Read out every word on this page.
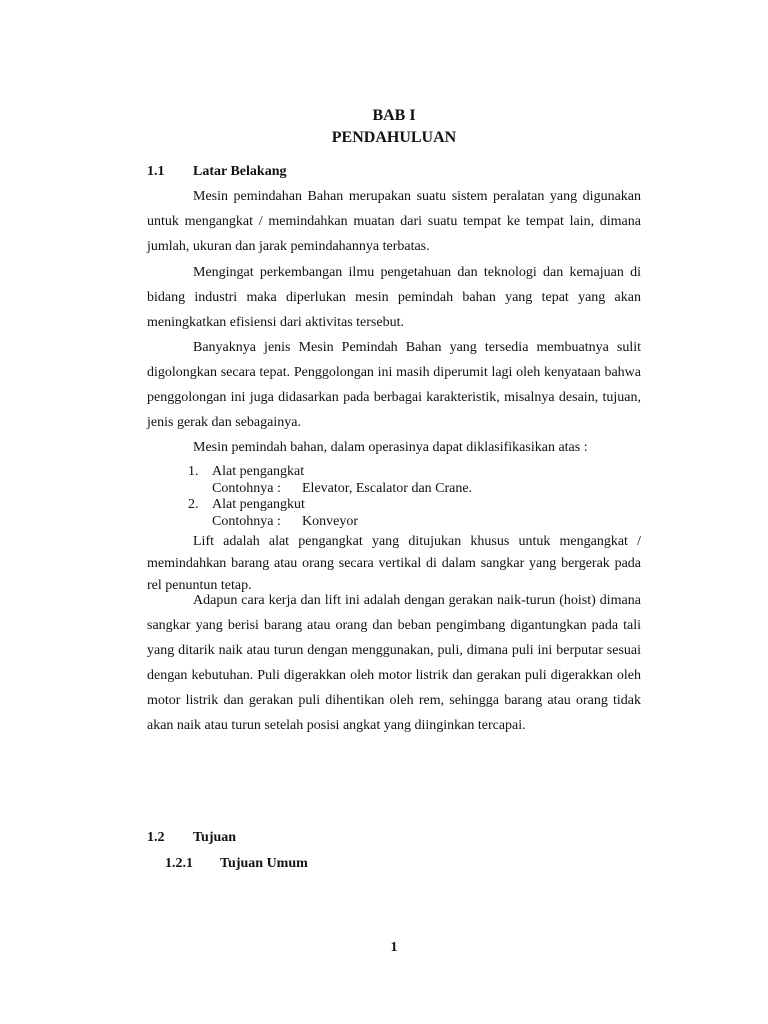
BAB I
PENDAHULUAN
1.1 Latar Belakang

Mesin pemindahan Bahan merupakan suatu sistem peralatan yang digunakan untuk mengangkat / memindahkan muatan dari suatu tempat ke tempat lain, dimana jumlah, ukuran dan jarak pemindahannya terbatas.

Mengingat perkembangan ilmu pengetahuan dan teknologi dan kemajuan di bidang industri maka diperlukan mesin pemindah bahan yang tepat yang akan meningkatkan efisiensi dari aktivitas tersebut.

Banyaknya jenis Mesin Pemindah Bahan yang tersedia membuatnya sulit digolongkan secara tepat. Penggolongan ini masih diperumit lagi oleh kenyataan bahwa penggolongan ini juga didasarkan pada berbagai karakteristik, misalnya desain, tujuan, jenis gerak dan sebagainya.

Mesin pemindah bahan, dalam operasinya dapat diklasifikasikan atas :

1. Alat pengangkat
Contohnya : Elevator, Escalator dan Crane.
2. Alat pengangkut
Contohnya : Konveyor

Lift adalah alat pengangkat yang ditujukan khusus untuk mengangkat / memindahkan barang atau orang secara vertikal di dalam sangkar yang bergerak pada rel penuntun tetap.

Adapun cara kerja dan lift ini adalah dengan gerakan naik-turun (hoist) dimana sangkar yang berisi barang atau orang dan beban pengimbang digantungkan pada tali yang ditarik naik atau turun dengan menggunakan, puli, dimana puli ini berputar sesuai dengan kebutuhan. Puli digerakkan oleh motor listrik dan gerakan puli digerakkan oleh motor listrik dan gerakan puli dihentikan oleh rem, sehingga barang atau orang tidak akan naik atau turun setelah posisi angkat yang diinginkan tercapai.

1.2 Tujuan
1.2.1 Tujuan Umum
1
